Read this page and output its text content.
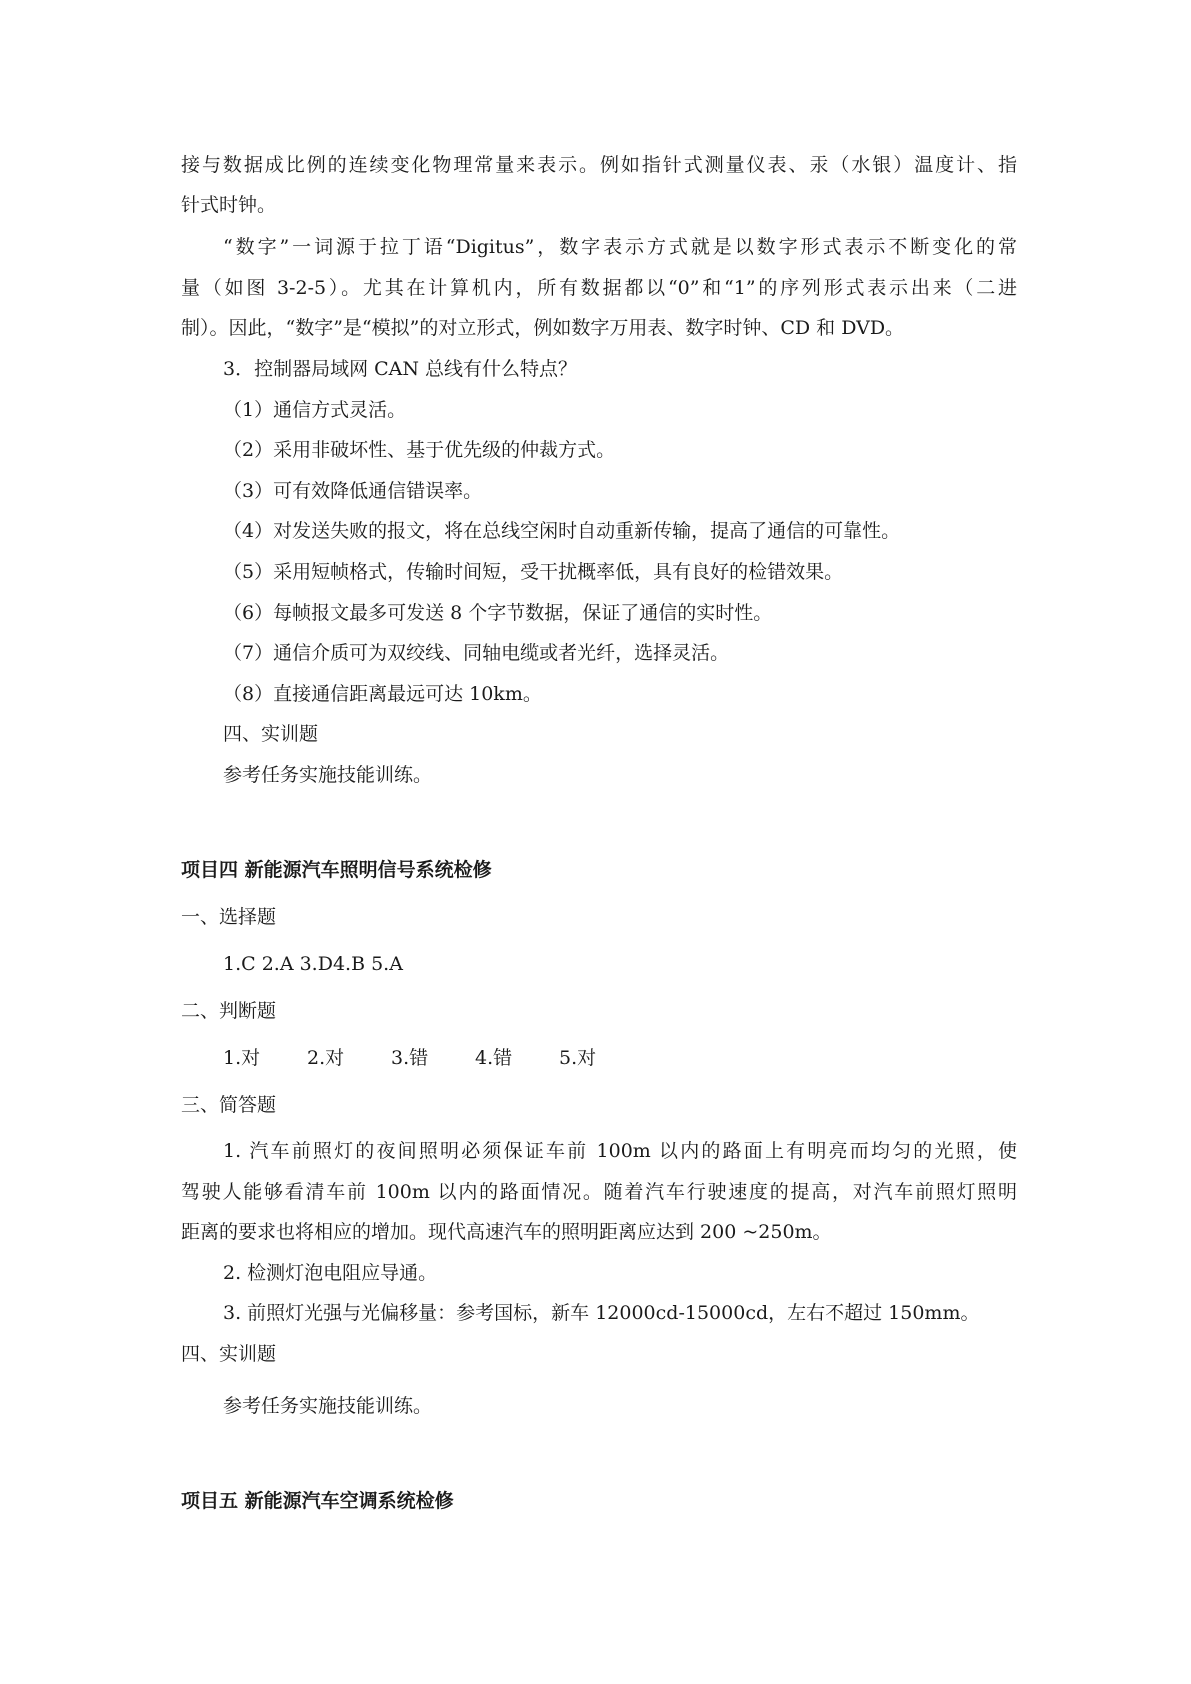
接与数据成比例的连续变化物理常量来表示。例如指针式测量仪表、汞（水银）温度计、指
针式时钟。
“数字”一词源于拉丁语“Digitus”，数字表示方式就是以数字形式表示不断变化的常
量（如图 3-2-5）。尤其在计算机内，所有数据都以“0”和“1”的序列形式表示出来（二进
制）。因此，“数字”是“模拟”的对立形式，例如数字万用表、数字时钟、CD 和 DVD。
3．控制器局域网 CAN 总线有什么特点？
（1）通信方式灵活。
（2）采用非破坏性、基于优先级的仲裁方式。
（3）可有效降低通信错误率。
（4）对发送失败的报文，将在总线空闲时自动重新传输，提高了通信的可靠性。
（5）采用短帧格式，传输时间短，受干扰概率低，具有良好的检错效果。
（6）每帧报文最多可发送 8 个字节数据，保证了通信的实时性。
（7）通信介质可为双绞线、同轴电缆或者光纤，选择灵活。
（8）直接通信距离最远可达 10km。
四、实训题
参考任务实施技能训练。
项目四 新能源汽车照明信号系统检修
一、选择题
1.C 2.A 3.D4.B 5.A
二、判断题
1.对 2.对 3.错 4.错 5.对
三、简答题
1. 汽车前照灯的夜间照明必须保证车前 100m 以内的路面上有明亮而均匀的光照，使
驾驶人能够看清车前 100m 以内的路面情况。随着汽车行驶速度的提高，对汽车前照灯照明
距离的要求也将相应的增加。现代高速汽车的照明距离应达到 200 ~250m。
2. 检测灯泡电阻应导通。
3. 前照灯光强与光偏移量：参考国标，新车 12000cd-15000cd，左右不超过 150mm。
四、实训题
参考任务实施技能训练。
项目五 新能源汽车空调系统检修
